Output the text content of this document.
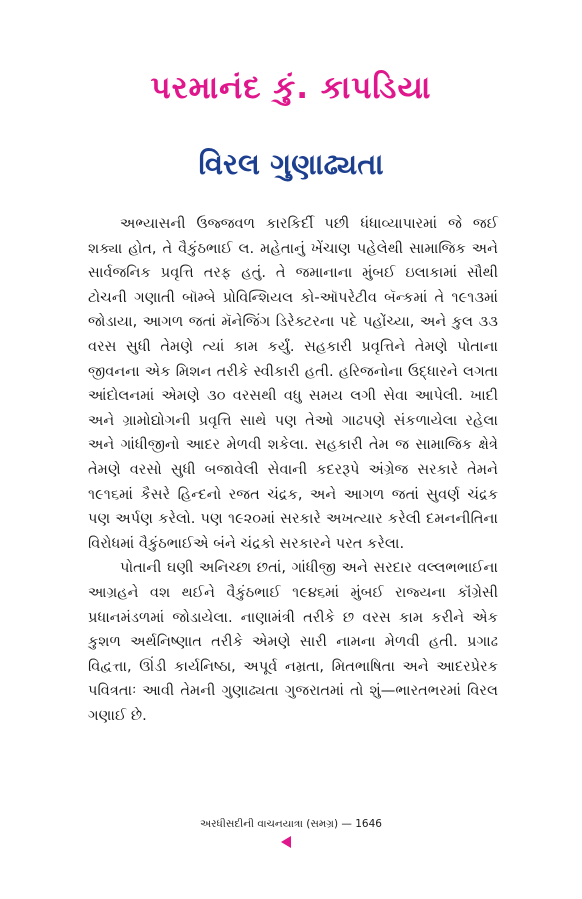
પરમાનંદ કું. કાપડિયા
વિરલ ગુણાઢ્યતા

અભ્યાસની ઉજ્જવળ કારકિર્દી પછી ધંધાવ્યાપારમાં જે જઈ શક્યા હોત, તે વૈકુંઠભાઈ લ. મહેતાનું ખેંચાણ પહેલેથી સામાજિક અને સાર્વજનિક પ્રવૃત્તિ તરફ હતું. તે જમાનાના મુંબઈ ઇલાકામાં સૌથી ટોચની ગણાતી બૉમ્બે પ્રોવિન્શિયલ કો-ઑપરેટીવ બૅન્કમાં તે ૧૯૧૩માં જોડાયા, આગળ જતાં મૅનેજિંગ ડિરેક્ટરના પદે પહોંચ્યા, અને કુલ ૩૩ વરસ સુધી તેમણે ત્યાં કામ કર્યું. સહકારી પ્રવૃત્તિને તેમણે પોતાના જીવનના એક મિશન તરીકે સ્વીકારી હતી. હરિજનોના ઉદ્ધારને લગતા આંદોલનમાં એમણે ૩૦ વરસથી વધુ સમય લગી સેવા આપેલી. ખાદી અને ગ્રામોદ્યોગની પ્રવૃત્તિ સાથે પણ તેઓ ગાઢપણે સંકળાયેલા રહેલા અને ગાંધીજીનો આદર મેળવી શકેલા. સહકારી તેમ જ સામાજિક ક્ષેત્રે તેમણે વરસો સુધી બજાવેલી સેવાની કદરરૂપે અંગ્રેજ સરકારે તેમને ૧૯૧૬માં કૈસરે હિન્દનો રજત ચંદ્રક, અને આગળ જતાં સુવર્ણ ચંદ્રક પણ અર્પણ કરેલો. પણ ૧૯૨૦માં સરકારે અખત્યાર કરેલી દમનનીતિના વિરોધમાં વૈકુંઠભાઈએ બંને ચંદ્રકો સરકારને પરત કરેલા.

પોતાની ઘણી અનિચ્છા છતાં, ગાંધીજી અને સરદાર વલ્લભભાઈના આગ્રહને વશ થઈને વૈકુંઠભાઈ ૧૯૪૬માં મુંબઈ રાજ્યના કૉંગ્રેસી પ્રધાનમંડળમાં જોડાયેલા. નાણામંત્રી તરીકે છ વરસ કામ કરીને એક કુશળ અર્થનિષ્ણાત તરીકે એમણે સારી નામના મેળવી હતી. પ્રગાઢ વિદ્વત્તા, ઊંડી કાર્યનિષ્ઠા, અપૂર્વ નમ્રતા, મિતભાષિતા અને આદરપ્રેરક પવિત્રતાઃ આવી તેમની ગુણાઢ્યતા ગુજરાતમાં તો શું—ભારતભરમાં વિરલ ગણાઈ છે.

અરધીસદીની વાચનયાત્રા (સમગ્ર) — 1646
